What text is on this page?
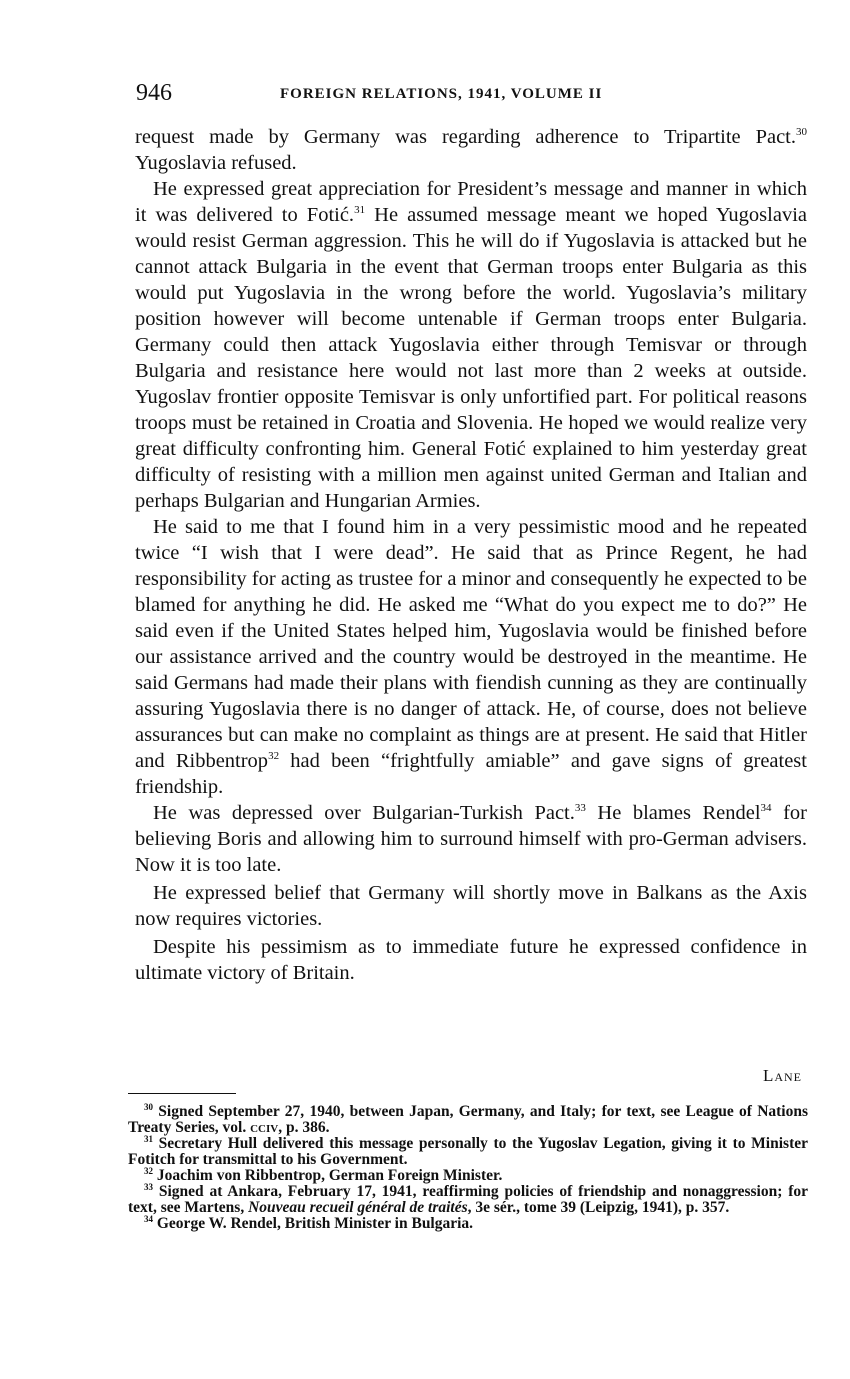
946	FOREIGN RELATIONS, 1941, VOLUME II

request made by Germany was regarding adherence to Tripartite Pact.$^{30}$ Yugoslavia refused.

He expressed great appreciation for President’s message and manner in which it was delivered to Fotić.$^{31}$ He assumed message meant we hoped Yugoslavia would resist German aggression. This he will do if Yugoslavia is attacked but he cannot attack Bulgaria in the event that German troops enter Bulgaria as this would put Yugoslavia in the wrong before the world. Yugoslavia’s military position however will become untenable if German troops enter Bulgaria. Germany could then attack Yugoslavia either through Temisvar or through Bulgaria and resistance here would not last more than 2 weeks at outside. Yugoslav frontier opposite Temisvar is only unfortified part. For political reasons troops must be retained in Croatia and Slovenia. He hoped we would realize very great difficulty confronting him. General Fotić explained to him yesterday great difficulty of resisting with a million men against united German and Italian and perhaps Bulgarian and Hungarian Armies.

He said to me that I found him in a very pessimistic mood and he repeated twice “I wish that I were dead”. He said that as Prince Regent, he had responsibility for acting as trustee for a minor and consequently he expected to be blamed for anything he did. He asked me “What do you expect me to do?” He said even if the United States helped him, Yugoslavia would be finished before our assistance arrived and the country would be destroyed in the meantime. He said Germans had made their plans with fiendish cunning as they are continually assuring Yugoslavia there is no danger of attack. He, of course, does not believe assurances but can make no complaint as things are at present. He said that Hitler and Ribbentrop$^{32}$ had been “frightfully amiable” and gave signs of greatest friendship.

He was depressed over Bulgarian-Turkish Pact.$^{33}$ He blames Rendel$^{34}$ for believing Boris and allowing him to surround himself with pro-German advisers. Now it is too late.

He expressed belief that Germany will shortly move in Balkans as the Axis now requires victories.

Despite his pessimism as to immediate future he expressed confidence in ultimate victory of Britain.

Lane

$^{30}$ Signed September 27, 1940, between Japan, Germany, and Italy; for text, see League of Nations Treaty Series, vol. cciv, p. 386.

$^{31}$ Secretary Hull delivered this message personally to the Yugoslav Legation, giving it to Minister Fotitch for transmittal to his Government.

$^{32}$ Joachim von Ribbentrop, German Foreign Minister.

$^{33}$ Signed at Ankara, February 17, 1941, reaffirming policies of friendship and nonaggression; for text, see Martens, Nouveau recueil général de traités, 3e sér., tome 39 (Leipzig, 1941), p. 357.

$^{34}$ George W. Rendel, British Minister in Bulgaria.
